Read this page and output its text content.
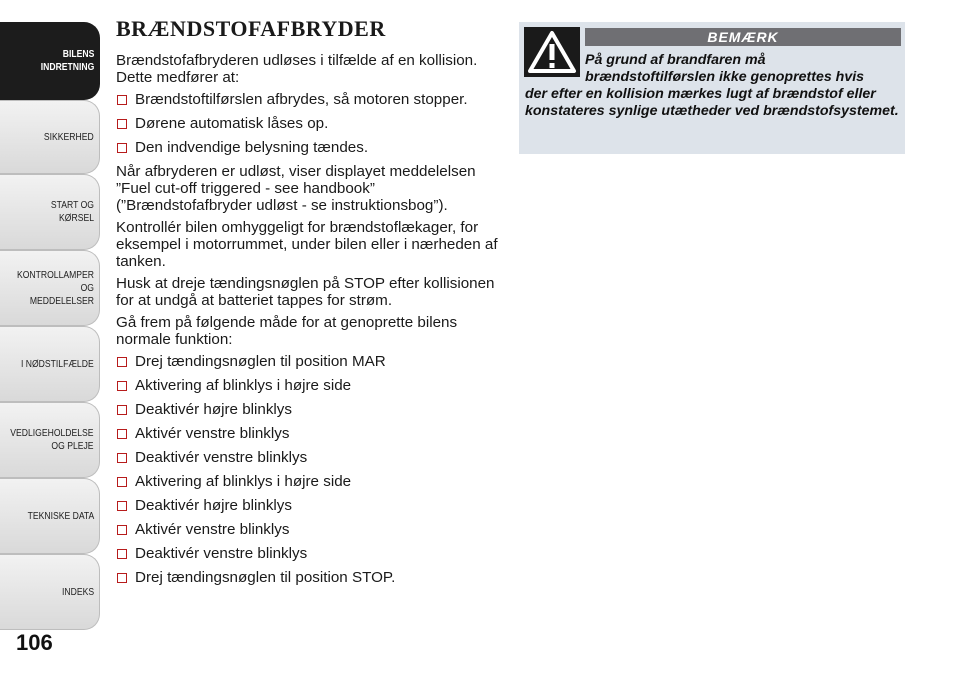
BILENS
INDRETNING
SIKKERHED
START OG KØRSEL
KONTROLLAMPER
OG MEDDELELSER
I NØDSTILFÆLDE
VEDLIGEHOLDELSE
OG PLEJE
TEKNISKE DATA
INDEKS
106
BRÆNDSTOFAFBRYDER

Brændstofafbryderen udløses i tilfælde af en kollision. Dette medfører at:

Brændstoftilførslen afbrydes, så motoren stopper.
Dørene automatisk låses op.
Den indvendige belysning tændes.

Når afbryderen er udløst, viser displayet meddelelsen ”Fuel cut-off triggered - see handbook” (”Brændstofafbryder udløst - se instruktionsbog”).

Kontrollér bilen omhyggeligt for brændstoflækager, for eksempel i motorrummet, under bilen eller i nærheden af tanken.

Husk at dreje tændingsnøglen på STOP efter kollisionen for at undgå at batteriet tappes for strøm.

Gå frem på følgende måde for at genoprette bilens normale funktion:

Drej tændingsnøglen til position MAR
Aktivering af blinklys i højre side
Deaktivér højre blinklys
Aktivér venstre blinklys
Deaktivér venstre blinklys
Aktivering af blinklys i højre side
Deaktivér højre blinklys
Aktivér venstre blinklys
Deaktivér venstre blinklys
Drej tændingsnøglen til position STOP.
BEMÆRK
På grund af brandfaren må
brændstoftilførslen ikke genoprettes hvis
der efter en kollision mærkes lugt af brændstof eller konstateres synlige utætheder ved brændstofsystemet.
